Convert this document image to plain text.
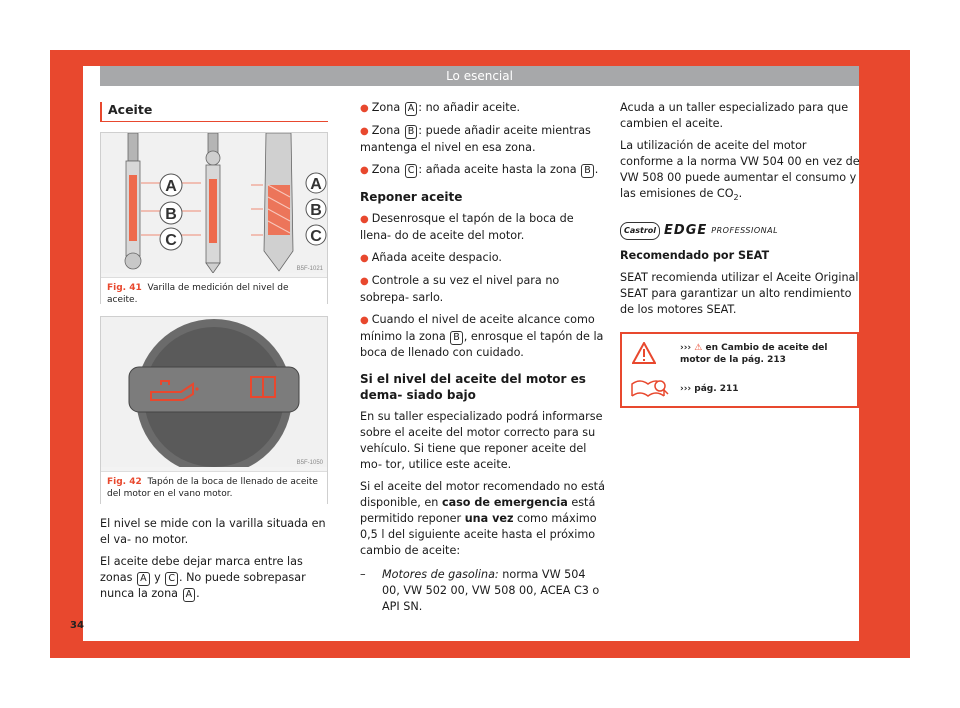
Lo esencial
Aceite
A
B
C
A
B
C
B5F-1021
Fig. 41 Varilla de medición del nivel de aceite.
B5F-1050
Fig. 42 Tapón de la boca de llenado de aceite del motor en el vano motor.

El nivel se mide con la varilla situada en el va- no motor.

El aceite debe dejar marca entre las zonas A y C . No puede sobrepasar nunca la zona A .

34

● Zona A : no añadir aceite.

● Zona B : puede añadir aceite mientras mantenga el nivel en esa zona.

● Zona C : añada aceite hasta la zona B .

Reponer aceite

● Desenrosque el tapón de la boca de llena- do de aceite del motor.

● Añada aceite despacio.

● Controle a su vez el nivel para no sobrepa- sarlo.

● Cuando el nivel de aceite alcance como mínimo la zona B , enrosque el tapón de la boca de llenado con cuidado.

Si el nivel del aceite del motor es dema- siado bajo

En su taller especializado podrá informarse sobre el aceite del motor correcto para su vehículo. Si tiene que reponer aceite del mo- tor, utilice este aceite.

Si el aceite del motor recomendado no está disponible, en caso de emergencia está permitido reponer una vez como máximo 0,5 l del siguiente aceite hasta el próximo cambio de aceite:

–	Motores de gasolina: norma VW 504 00, VW 502 00, VW 508 00, ACEA C3 o API SN.

Acuda a un taller especializado para que cambien el aceite.

La utilización de aceite del motor conforme a la norma VW 504 00 en vez de VW 508 00 puede aumentar el consumo y las emisiones de $CO_2$.

Castrol EDGE PROFESSIONAL

Recomendado por SEAT

SEAT recomienda utilizar el Aceite Original SEAT para garantizar un alto rendimiento de los motores SEAT.

››› ⚠ en Cambio de aceite del motor de la pág. 213
››› pág. 211
